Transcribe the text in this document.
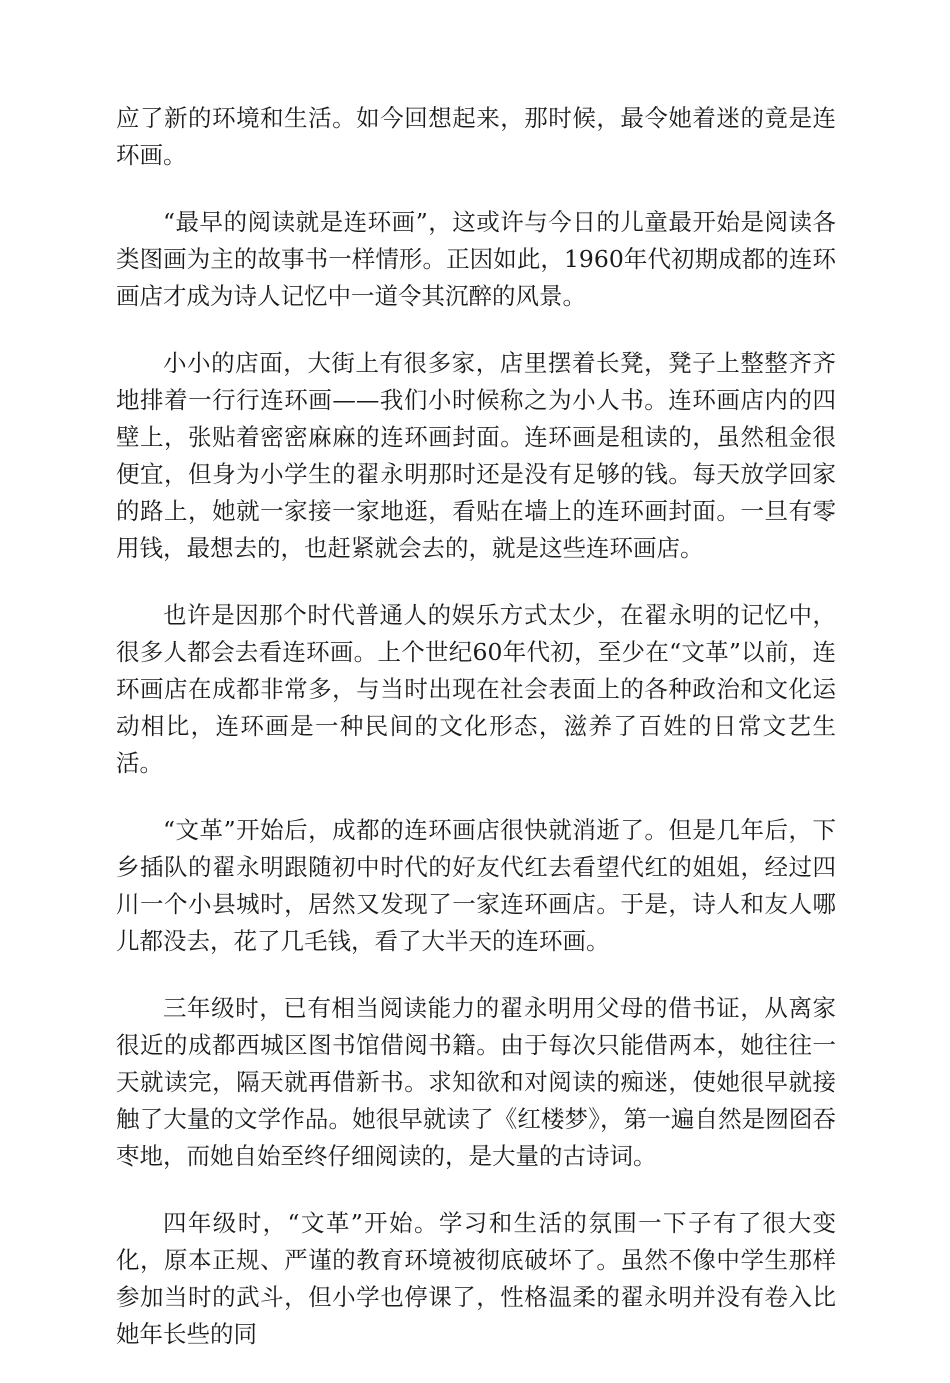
应了新的环境和生活。如今回想起来，那时候，最令她着迷的竟是连环画。

“最早的阅读就是连环画”，这或许与今日的儿童最开始是阅读各类图画为主的故事书一样情形。正因如此，1960年代初期成都的连环画店才成为诗人记忆中一道令其沉醉的风景。

小小的店面，大街上有很多家，店里摆着长凳，凳子上整整齐齐地排着一行行连环画——我们小时候称之为小人书。连环画店内的四壁上，张贴着密密麻麻的连环画封面。连环画是租读的，虽然租金很便宜，但身为小学生的翟永明那时还是没有足够的钱。每天放学回家的路上，她就一家接一家地逛，看贴在墙上的连环画封面。一旦有零用钱，最想去的，也赶紧就会去的，就是这些连环画店。

也许是因那个时代普通人的娱乐方式太少，在翟永明的记忆中，很多人都会去看连环画。上个世纪60年代初，至少在“文革”以前，连环画店在成都非常多，与当时出现在社会表面上的各种政治和文化运动相比，连环画是一种民间的文化形态，滋养了百姓的日常文艺生活。

“文革”开始后，成都的连环画店很快就消逝了。但是几年后，下乡插队的翟永明跟随初中时代的好友代红去看望代红的姐姐，经过四川一个小县城时，居然又发现了一家连环画店。于是，诗人和友人哪儿都没去，花了几毛钱，看了大半天的连环画。

三年级时，已有相当阅读能力的翟永明用父母的借书证，从离家很近的成都西城区图书馆借阅书籍。由于每次只能借两本，她往往一天就读完，隔天就再借新书。求知欲和对阅读的痴迷，使她很早就接触了大量的文学作品。她很早就读了《红楼梦》，第一遍自然是囫囵吞枣地，而她自始至终仔细阅读的，是大量的古诗词。

四年级时，“文革”开始。学习和生活的氛围一下子有了很大变化，原本正规、严谨的教育环境被彻底破坏了。虽然不像中学生那样参加当时的武斗，但小学也停课了，性格温柔的翟永明并没有卷入比她年长些的同
